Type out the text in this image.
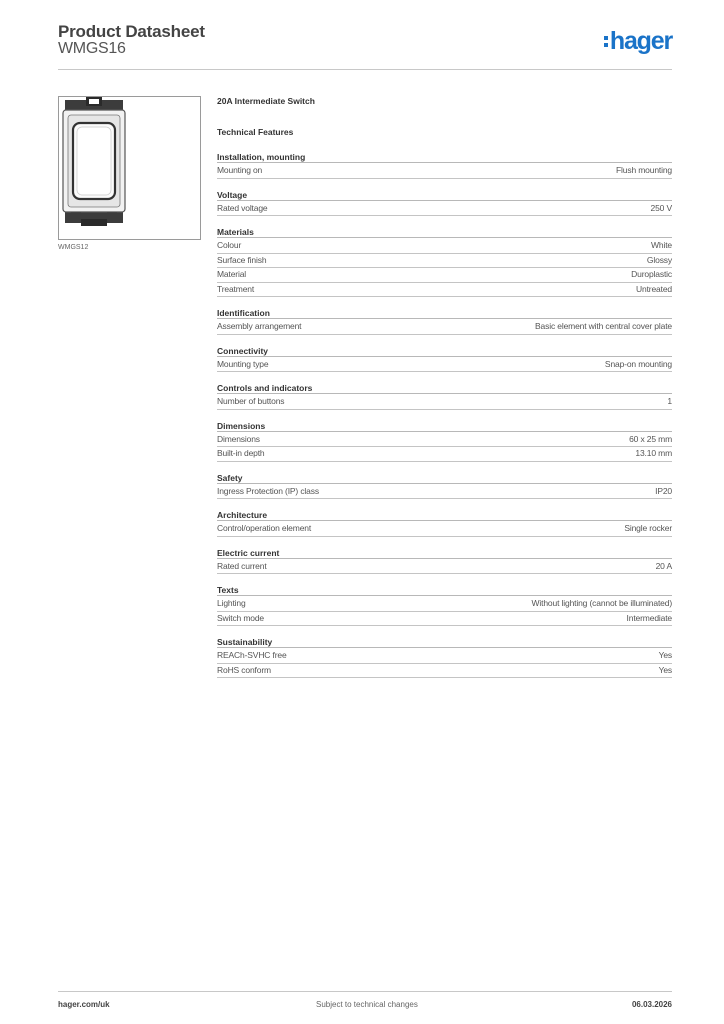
Product Datasheet
WMGS16	hager
WMGS12
20A Intermediate Switch
Technical Features
Installation, mounting
Mounting on	Flush mounting
Voltage
Rated voltage	250 V
Materials
Colour	White
Surface finish	Glossy
Material	Duroplastic
Treatment	Untreated
Identification
Assembly arrangement	Basic element with central cover plate
Connectivity
Mounting type	Snap-on mounting
Controls and indicators
Number of buttons	1
Dimensions
Dimensions	60 x 25 mm
Built-in depth	13.10 mm
Safety
Ingress Protection (IP) class	IP20
Architecture
Control/operation element	Single rocker
Electric current
Rated current	20 A
Texts
Lighting	Without lighting (cannot be illuminated)
Switch mode	Intermediate
Sustainability
REACh-SVHC free	Yes
RoHS conform	Yes
hager.com/uk	Subject to technical changes	06.03.2026
